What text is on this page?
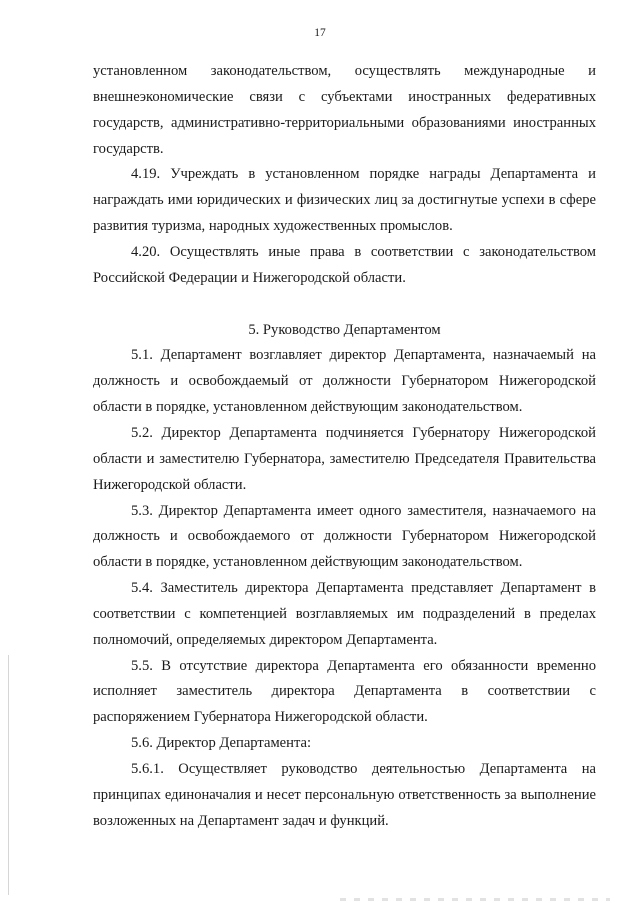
17

установленном законодательством, осуществлять международные и внешнеэкономические связи с субъектами иностранных федеративных государств, административно-территориальными образованиями иностранных государств.

4.19. Учреждать в установленном порядке награды Департамента и награждать ими юридических и физических лиц за достигнутые успехи в сфере развития туризма, народных художественных промыслов.

4.20. Осуществлять иные права в соответствии с законодательством Российской Федерации и Нижегородской области.

5. Руководство Департаментом

5.1. Департамент возглавляет директор Департамента, назначаемый на должность и освобождаемый от должности Губернатором Нижегородской области в порядке, установленном действующим законодательством.

5.2. Директор Департамента подчиняется Губернатору Нижегородской области и заместителю Губернатора, заместителю Председателя Правительства Нижегородской области.

5.3. Директор Департамента имеет одного заместителя, назначаемого на должность и освобождаемого от должности Губернатором Нижегородской области в порядке, установленном действующим законодательством.

5.4. Заместитель директора Департамента представляет Департамент в соответствии с компетенцией возглавляемых им подразделений в пределах полномочий, определяемых директором Департамента.

5.5. В отсутствие директора Департамента его обязанности временно исполняет заместитель директора Департамента в соответствии с распоряжением Губернатора Нижегородской области.

5.6. Директор Департамента:

5.6.1. Осуществляет руководство деятельностью Департамента на принципах единоначалия и несет персональную ответственность за выполнение возложенных на Департамент задач и функций.
